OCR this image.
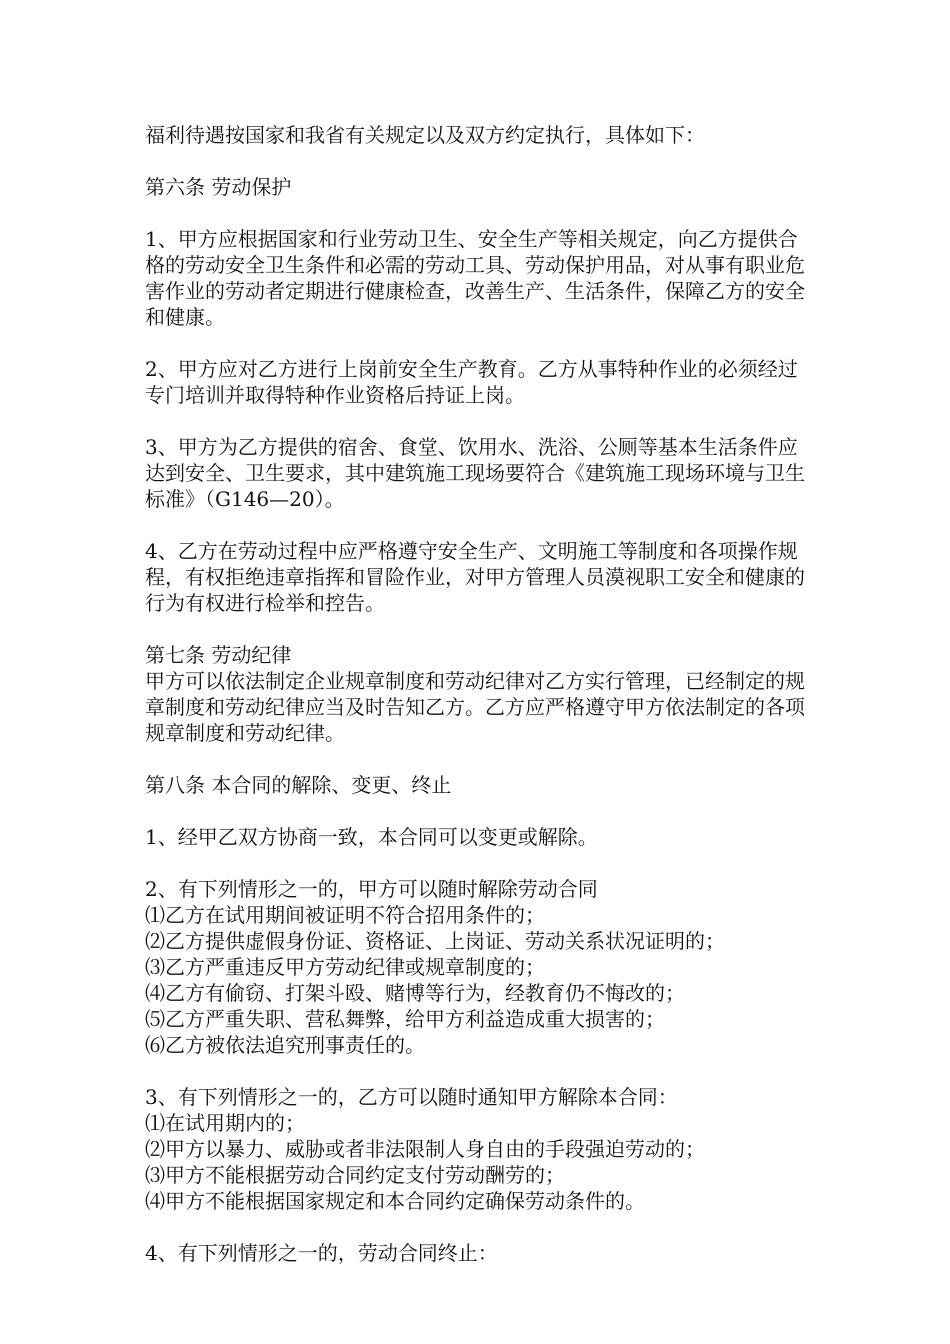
福利待遇按国家和我省有关规定以及双方约定执行，具体如下：

第六条 劳动保护

1、甲方应根据国家和行业劳动卫生、安全生产等相关规定，向乙方提供合格的劳动安全卫生条件和必需的劳动工具、劳动保护用品，对从事有职业危害作业的劳动者定期进行健康检查，改善生产、生活条件，保障乙方的安全和健康。

2、甲方应对乙方进行上岗前安全生产教育。乙方从事特种作业的必须经过专门培训并取得特种作业资格后持证上岗。

3、甲方为乙方提供的宿舍、食堂、饮用水、洗浴、公厕等基本生活条件应达到安全、卫生要求，其中建筑施工现场要符合《建筑施工现场环境与卫生标准》（G146—20）。

4、乙方在劳动过程中应严格遵守安全生产、文明施工等制度和各项操作规程，有权拒绝违章指挥和冒险作业，对甲方管理人员漠视职工安全和健康的行为有权进行检举和控告。

第七条 劳动纪律
甲方可以依法制定企业规章制度和劳动纪律对乙方实行管理，已经制定的规章制度和劳动纪律应当及时告知乙方。乙方应严格遵守甲方依法制定的各项规章制度和劳动纪律。

第八条 本合同的解除、变更、终止

1、经甲乙双方协商一致，本合同可以变更或解除。

2、有下列情形之一的，甲方可以随时解除劳动合同
⑴乙方在试用期间被证明不符合招用条件的；
⑵乙方提供虚假身份证、资格证、上岗证、劳动关系状况证明的；
⑶乙方严重违反甲方劳动纪律或规章制度的；
⑷乙方有偷窃、打架斗殴、赌博等行为，经教育仍不悔改的；
⑸乙方严重失职、营私舞弊，给甲方利益造成重大损害的；
⑹乙方被依法追究刑事责任的。
3、有下列情形之一的，乙方可以随时通知甲方解除本合同：
⑴在试用期内的；
⑵甲方以暴力、威胁或者非法限制人身自由的手段强迫劳动的；
⑶甲方不能根据劳动合同约定支付劳动酬劳的；
⑷甲方不能根据国家规定和本合同约定确保劳动条件的。

4、有下列情形之一的，劳动合同终止：
